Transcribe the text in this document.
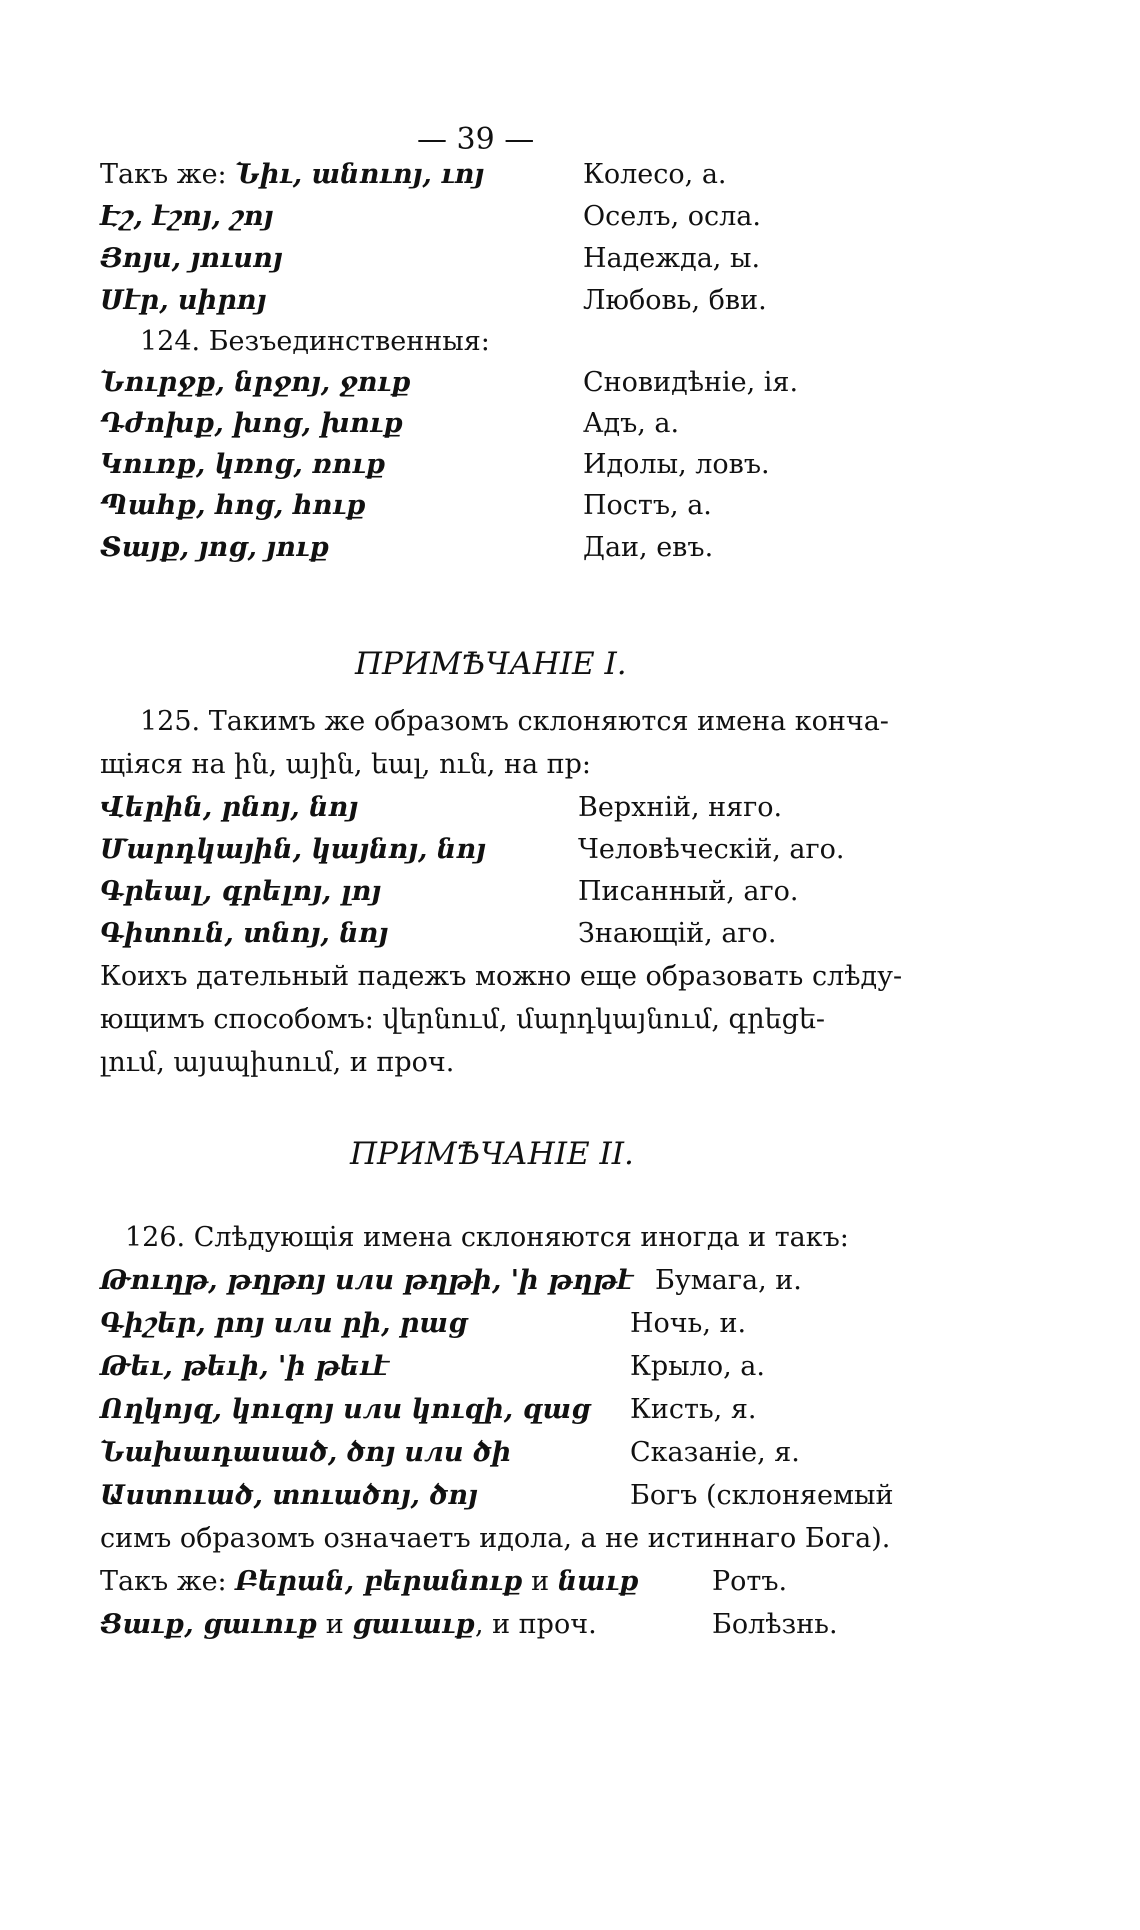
— 39 —
Такъ же: Նիւ, անուոյ, ւոյ	Колесо, а.
Էշ, էշոյ, շոյ	Оселъ, осла.
Յոյս, յուսոյ	Надежда, ы.
Սէր, սիրոյ	Любовь, бви.
124. Безъединственныя:
Նուրջք, նրջոյ, ջուք	Сновидѣніе, ія.
Դժոխք, խոց, խուք	Адъ, а.
Կուռք, կռոց, ռուք	Идолы, ловъ.
Պահք, հոց, հուք	Постъ, а.
Տայք, յոց, յուք	Даи, евъ.
ПРИМѢЧАНІЕ I.
125. Такимъ же образомъ склоняются имена конча-
щіяся на ին, ային, եալ, ուն, на пр:
Վերին, րնոյ, նոյ	Верхній, няго.
Մարդկային, կայնոյ, նոյ	Человѣческій, аго.
Գրեալ, գրելոյ, լոյ	Писанный, аго.
Գիտուն, տնոյ, նոյ	Знающій, аго.
Коихъ дательный падежъ можно еще образовать слѣду-
ющимъ способомъ: վերնում, մարդկայնում, գրեցե-
լում, այսպիսում, и проч.
ПРИМѢЧАНІЕ II.
126. Слѣдующія имена склоняются иногда и такъ:
Թուղթ, թղթոյ или թղթի, 'ի թղթէ Бумага, и.
Գիշեր, րոյ или րի, րաց	Ночь, и.
Թեւ, թեւի, 'ի թեւէ	Крыло, а.
Ողկոյզ, կուզոյ или կուզի, զաց Кисть, я.
Նախադասած, ծոյ или ծի	Сказаніе, я.
Աստուած, տուածոյ, ծոյ	Богъ (склоняемый
симъ образомъ означаетъ идола, а не истиннаго Бога).
Такъ же: Բերան, բերանուք и նաւք	Ротъ.
Ցաւք, ցաւուք и ցաւաւք, и проч.	Болѣзнь.
